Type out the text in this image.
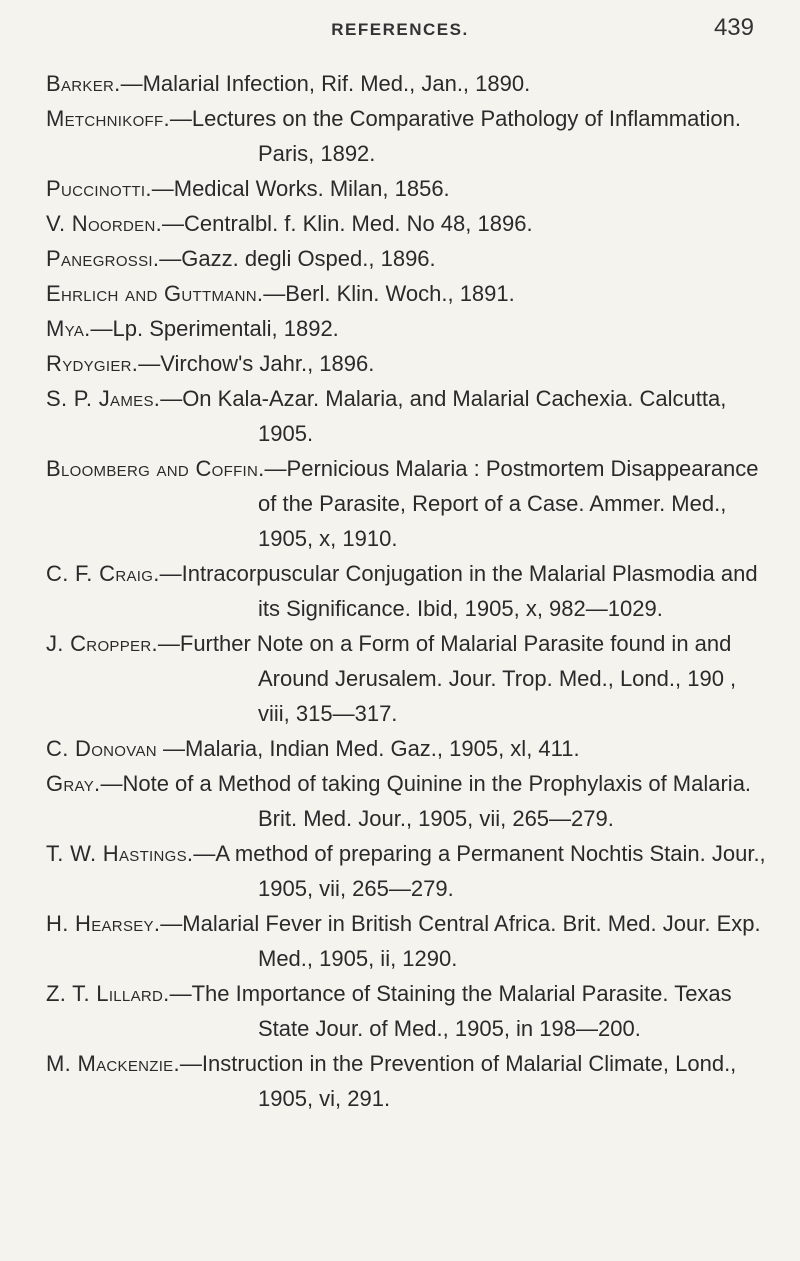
REFERENCES.	439

Barker.—Malarial Infection, Rif. Med., Jan., 1890.

Metchnikoff.—Lectures on the Comparative Pathology of Inflammation. Paris, 1892.

Puccinotti.—Medical Works. Milan, 1856.

V. Noorden.—Centralbl. f. Klin. Med. No 48, 1896.

Panegrossi.—Gazz. degli Osped., 1896.

Ehrlich and Guttmann.—Berl. Klin. Woch., 1891.

Mya.—Lp. Sperimentali, 1892.

Rydygier.—Virchow's Jahr., 1896.

S. P. James.—On Kala-Azar. Malaria, and Malarial Cachexia. Calcutta, 1905.

Bloomberg and Coffin.—Pernicious Malaria : Postmortem Disappearance of the Parasite, Report of a Case. Ammer. Med., 1905, x, 1910.

C. F. Craig.—Intracorpuscular Conjugation in the Malarial Plasmodia and its Significance. Ibid, 1905, x, 982—1029.

J. Cropper.—Further Note on a Form of Malarial Parasite found in and Around Jerusalem. Jour. Trop. Med., Lond., 190 , viii, 315—317.

C. Donovan —Malaria, Indian Med. Gaz., 1905, xl, 411.

Gray.—Note of a Method of taking Quinine in the Prophylaxis of Malaria. Brit. Med. Jour., 1905, vii, 265—279.

T. W. Hastings.—A method of preparing a Permanent Nochtis Stain. Jour., 1905, vii, 265—279.

H. Hearsey.—Malarial Fever in British Central Africa. Brit. Med. Jour. Exp. Med., 1905, ii, 1290.

Z. T. Lillard.—The Importance of Staining the Malarial Parasite. Texas State Jour. of Med., 1905, in 198—200.

M. Mackenzie.—Instruction in the Prevention of Malarial Climate, Lond., 1905, vi, 291.
